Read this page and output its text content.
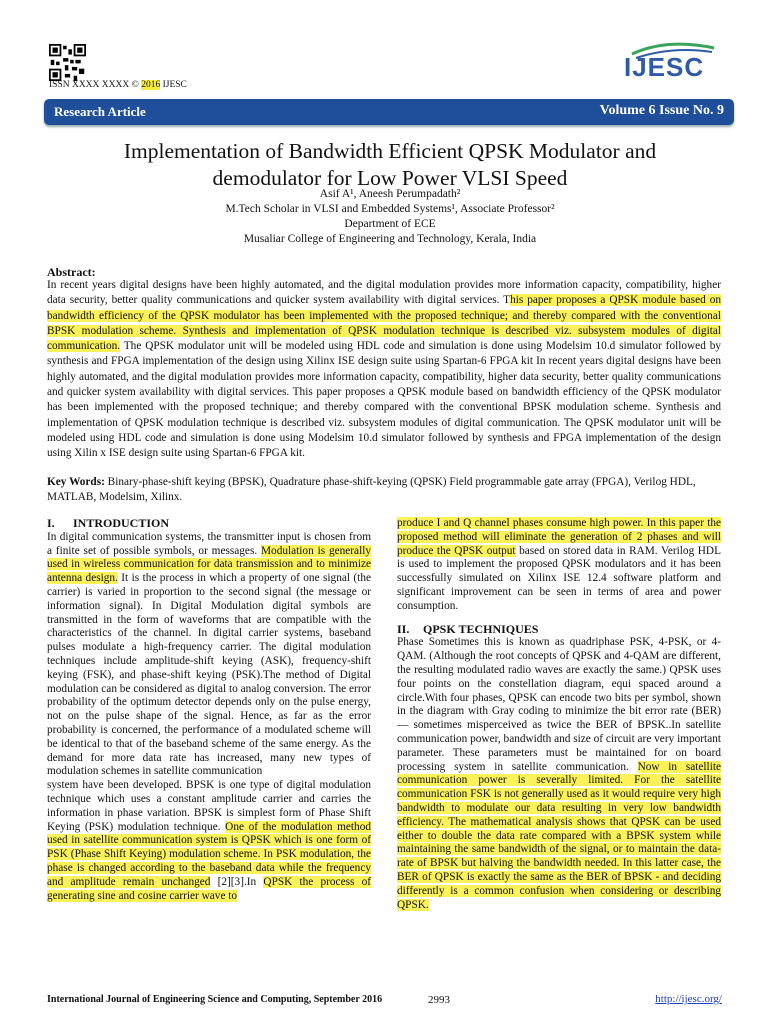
ISSN XXXX XXXX © 2016 IJESC
IJESC
Research Article	Volume 6 Issue No. 9
Implementation of Bandwidth Efficient QPSK Modulator and
demodulator for Low Power VLSI Speed
Asif A¹, Aneesh Perumpadath²
M.Tech Scholar in VLSI and Embedded Systems¹, Associate Professor²
Department of ECE
Musaliar College of Engineering and Technology, Kerala, India
Abstract:
In recent years digital designs have been highly automated, and the digital modulation provides more information capacity, compatibility, higher data security, better quality communications and quicker system availability with digital services. This paper proposes a QPSK module based on bandwidth efficiency of the QPSK modulator has been implemented with the proposed technique; and thereby compared with the conventional BPSK modulation scheme. Synthesis and implementation of QPSK modulation technique is described viz. subsystem modules of digital communication. The QPSK modulator unit will be modeled using HDL code and simulation is done using Modelsim 10.d simulator followed by synthesis and FPGA implementation of the design using Xilinx ISE design suite using Spartan-6 FPGA kit In recent years digital designs have been highly automated, and the digital modulation provides more information capacity, compatibility, higher data security, better quality communications and quicker system availability with digital services. This paper proposes a QPSK module based on bandwidth efficiency of the QPSK modulator has been implemented with the proposed technique; and thereby compared with the conventional BPSK modulation scheme. Synthesis and implementation of QPSK modulation technique is described viz. subsystem modules of digital communication. The QPSK modulator unit will be modeled using HDL code and simulation is done using Modelsim 10.d simulator followed by synthesis and FPGA implementation of the design using Xilin x ISE design suite using Spartan-6 FPGA kit.
Key Words: Binary-phase-shift keying (BPSK), Quadrature phase-shift-keying (QPSK) Field programmable gate array (FPGA), Verilog HDL, MATLAB, Modelsim, Xilinx.
I. INTRODUCTION

In digital communication systems, the transmitter input is chosen from a finite set of possible symbols, or messages. Modulation is generally used in wireless communication for data transmission and to minimize antenna design. It is the process in which a property of one signal (the carrier) is varied in proportion to the second signal (the message or information signal). In Digital Modulation digital symbols are transmitted in the form of waveforms that are compatible with the characteristics of the channel. In digital carrier systems, baseband pulses modulate a high-frequency carrier. The digital modulation techniques include amplitude-shift keying (ASK), frequency-shift keying (FSK), and phase-shift keying (PSK).The method of Digital modulation can be considered as digital to analog conversion. The error probability of the optimum detector depends only on the pulse energy, not on the pulse shape of the signal. Hence, as far as the error probability is concerned, the performance of a modulated scheme will be identical to that of the baseband scheme of the same energy. As the demand for more data rate has increased, many new types of modulation schemes in satellite communication

system have been developed. BPSK is one type of digital modulation technique which uses a constant amplitude carrier and carries the information in phase variation. BPSK is simplest form of Phase Shift Keying (PSK) modulation technique. One of the modulation method used in satellite communication system is QPSK which is one form of PSK (Phase Shift Keying) modulation scheme. In PSK modulation, the phase is changed according to the baseband data while the frequency and amplitude remain unchanged [2][3].In QPSK the process of generating sine and cosine carrier wave to

produce I and Q channel phases consume high power. In this paper the proposed method will eliminate the generation of 2 phases and will produce the QPSK output based on stored data in RAM. Verilog HDL is used to implement the proposed QPSK modulators and it has been successfully simulated on Xilinx ISE 12.4 software platform and significant improvement can be seen in terms of area and power consumption.

II. QPSK TECHNIQUES

Phase Sometimes this is known as quadriphase PSK, 4-PSK, or 4-QAM. (Although the root concepts of QPSK and 4-QAM are different, the resulting modulated radio waves are exactly the same.) QPSK uses four points on the constellation diagram, equi spaced around a circle.With four phases, QPSK can encode two bits per symbol, shown in the diagram with Gray coding to minimize the bit error rate (BER) — sometimes misperceived as twice the BER of BPSK..In satellite communication power, bandwidth and size of circuit are very important parameter. These parameters must be maintained for on board processing system in satellite communication. Now in satellite communication power is severally limited. For the satellite communication FSK is not generally used as it would require very high bandwidth to modulate our data resulting in very low bandwidth efficiency. The mathematical analysis shows that QPSK can be used either to double the data rate compared with a BPSK system while maintaining the same bandwidth of the signal, or to maintain the data-rate of BPSK but halving the bandwidth needed. In this latter case, the BER of QPSK is exactly the same as the BER of BPSK - and deciding differently is a common confusion when considering or describing QPSK.

International Journal of Engineering Science and Computing, September 2016	2993	http://ijesc.org/
